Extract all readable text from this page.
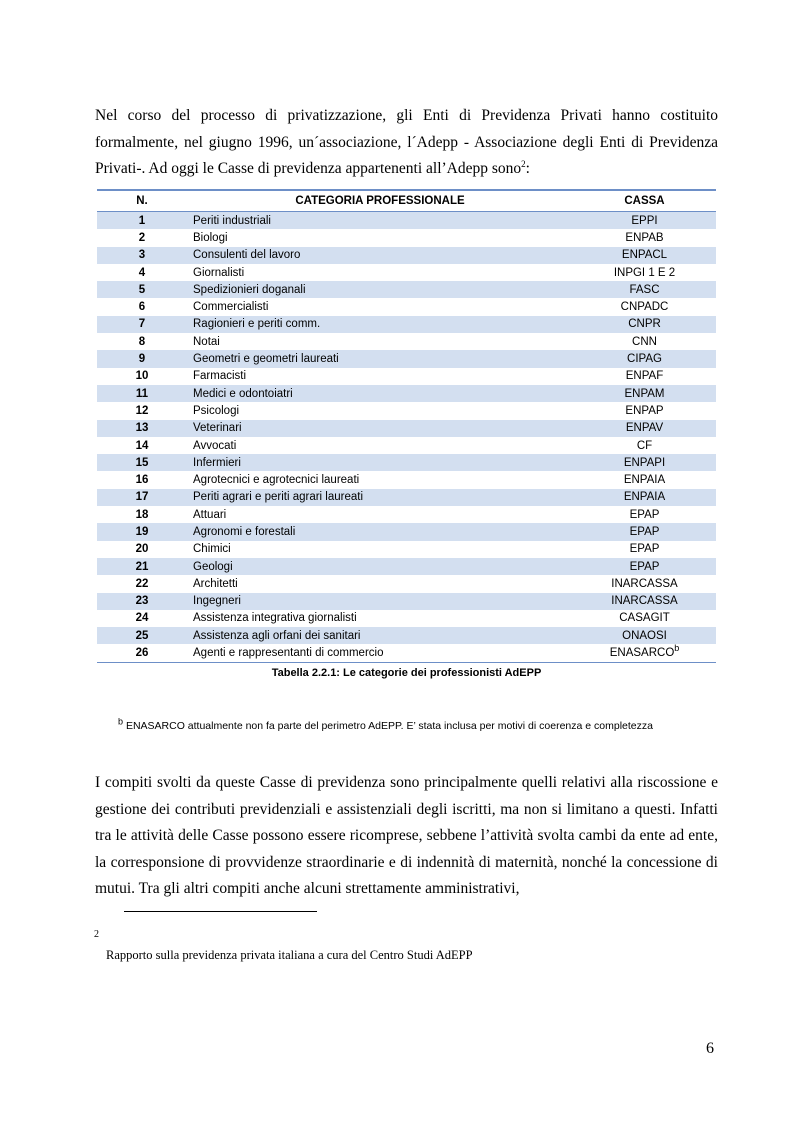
Nel corso del processo di privatizzazione, gli Enti di Previdenza Privati hanno costituito formalmente, nel giugno 1996, un´associazione, l´Adepp - Associazione degli Enti di Previdenza Privati-. Ad oggi le Casse di previdenza appartenenti all’Adepp sono$^2$:

N.	CATEGORIA PROFESSIONALE	CASSA
1	Periti industriali	EPPI
2	Biologi	ENPAB
3	Consulenti del lavoro	ENPACL
4	Giornalisti	INPGI 1 E 2
5	Spedizionieri doganali	FASC
6	Commercialisti	CNPADC
7	Ragionieri e periti comm.	CNPR
8	Notai	CNN
9	Geometri e geometri laureati	CIPAG
10	Farmacisti	ENPAF
11	Medici e odontoiatri	ENPAM
12	Psicologi	ENPAP
13	Veterinari	ENPAV
14	Avvocati	CF
15	Infermieri	ENPAPI
16	Agrotecnici e agrotecnici laureati	ENPAIA
17	Periti agrari e periti agrari laureati	ENPAIA
18	Attuari	EPAP
19	Agronomi e forestali	EPAP
20	Chimici	EPAP
21	Geologi	EPAP
22	Architetti	INARCASSA
23	Ingegneri	INARCASSA
24	Assistenza integrativa giornalisti	CASAGIT
25	Assistenza agli orfani dei sanitari	ONAOSI
26	Agenti e rappresentanti di commercio	ENASARCO$^b$
Tabella 2.2.1: Le categorie dei professionisti AdEPP
b ENASARCO attualmente non fa parte del perimetro AdEPP. E’ stata inclusa per motivi di coerenza e completezza

I compiti svolti da queste Casse di previdenza sono principalmente quelli relativi alla riscossione e gestione dei contributi previdenziali e assistenziali degli iscritti, ma non si limitano a questi. Infatti tra le attività delle Casse possono essere ricomprese, sebbene l’attività svolta cambi da ente ad ente, la corresponsione di provvidenze straordinarie e di indennità di maternità, nonché la concessione di mutui. Tra gli altri compiti anche alcuni strettamente amministrativi,

2
Rapporto sulla previdenza privata italiana a cura del Centro Studi AdEPP
6
